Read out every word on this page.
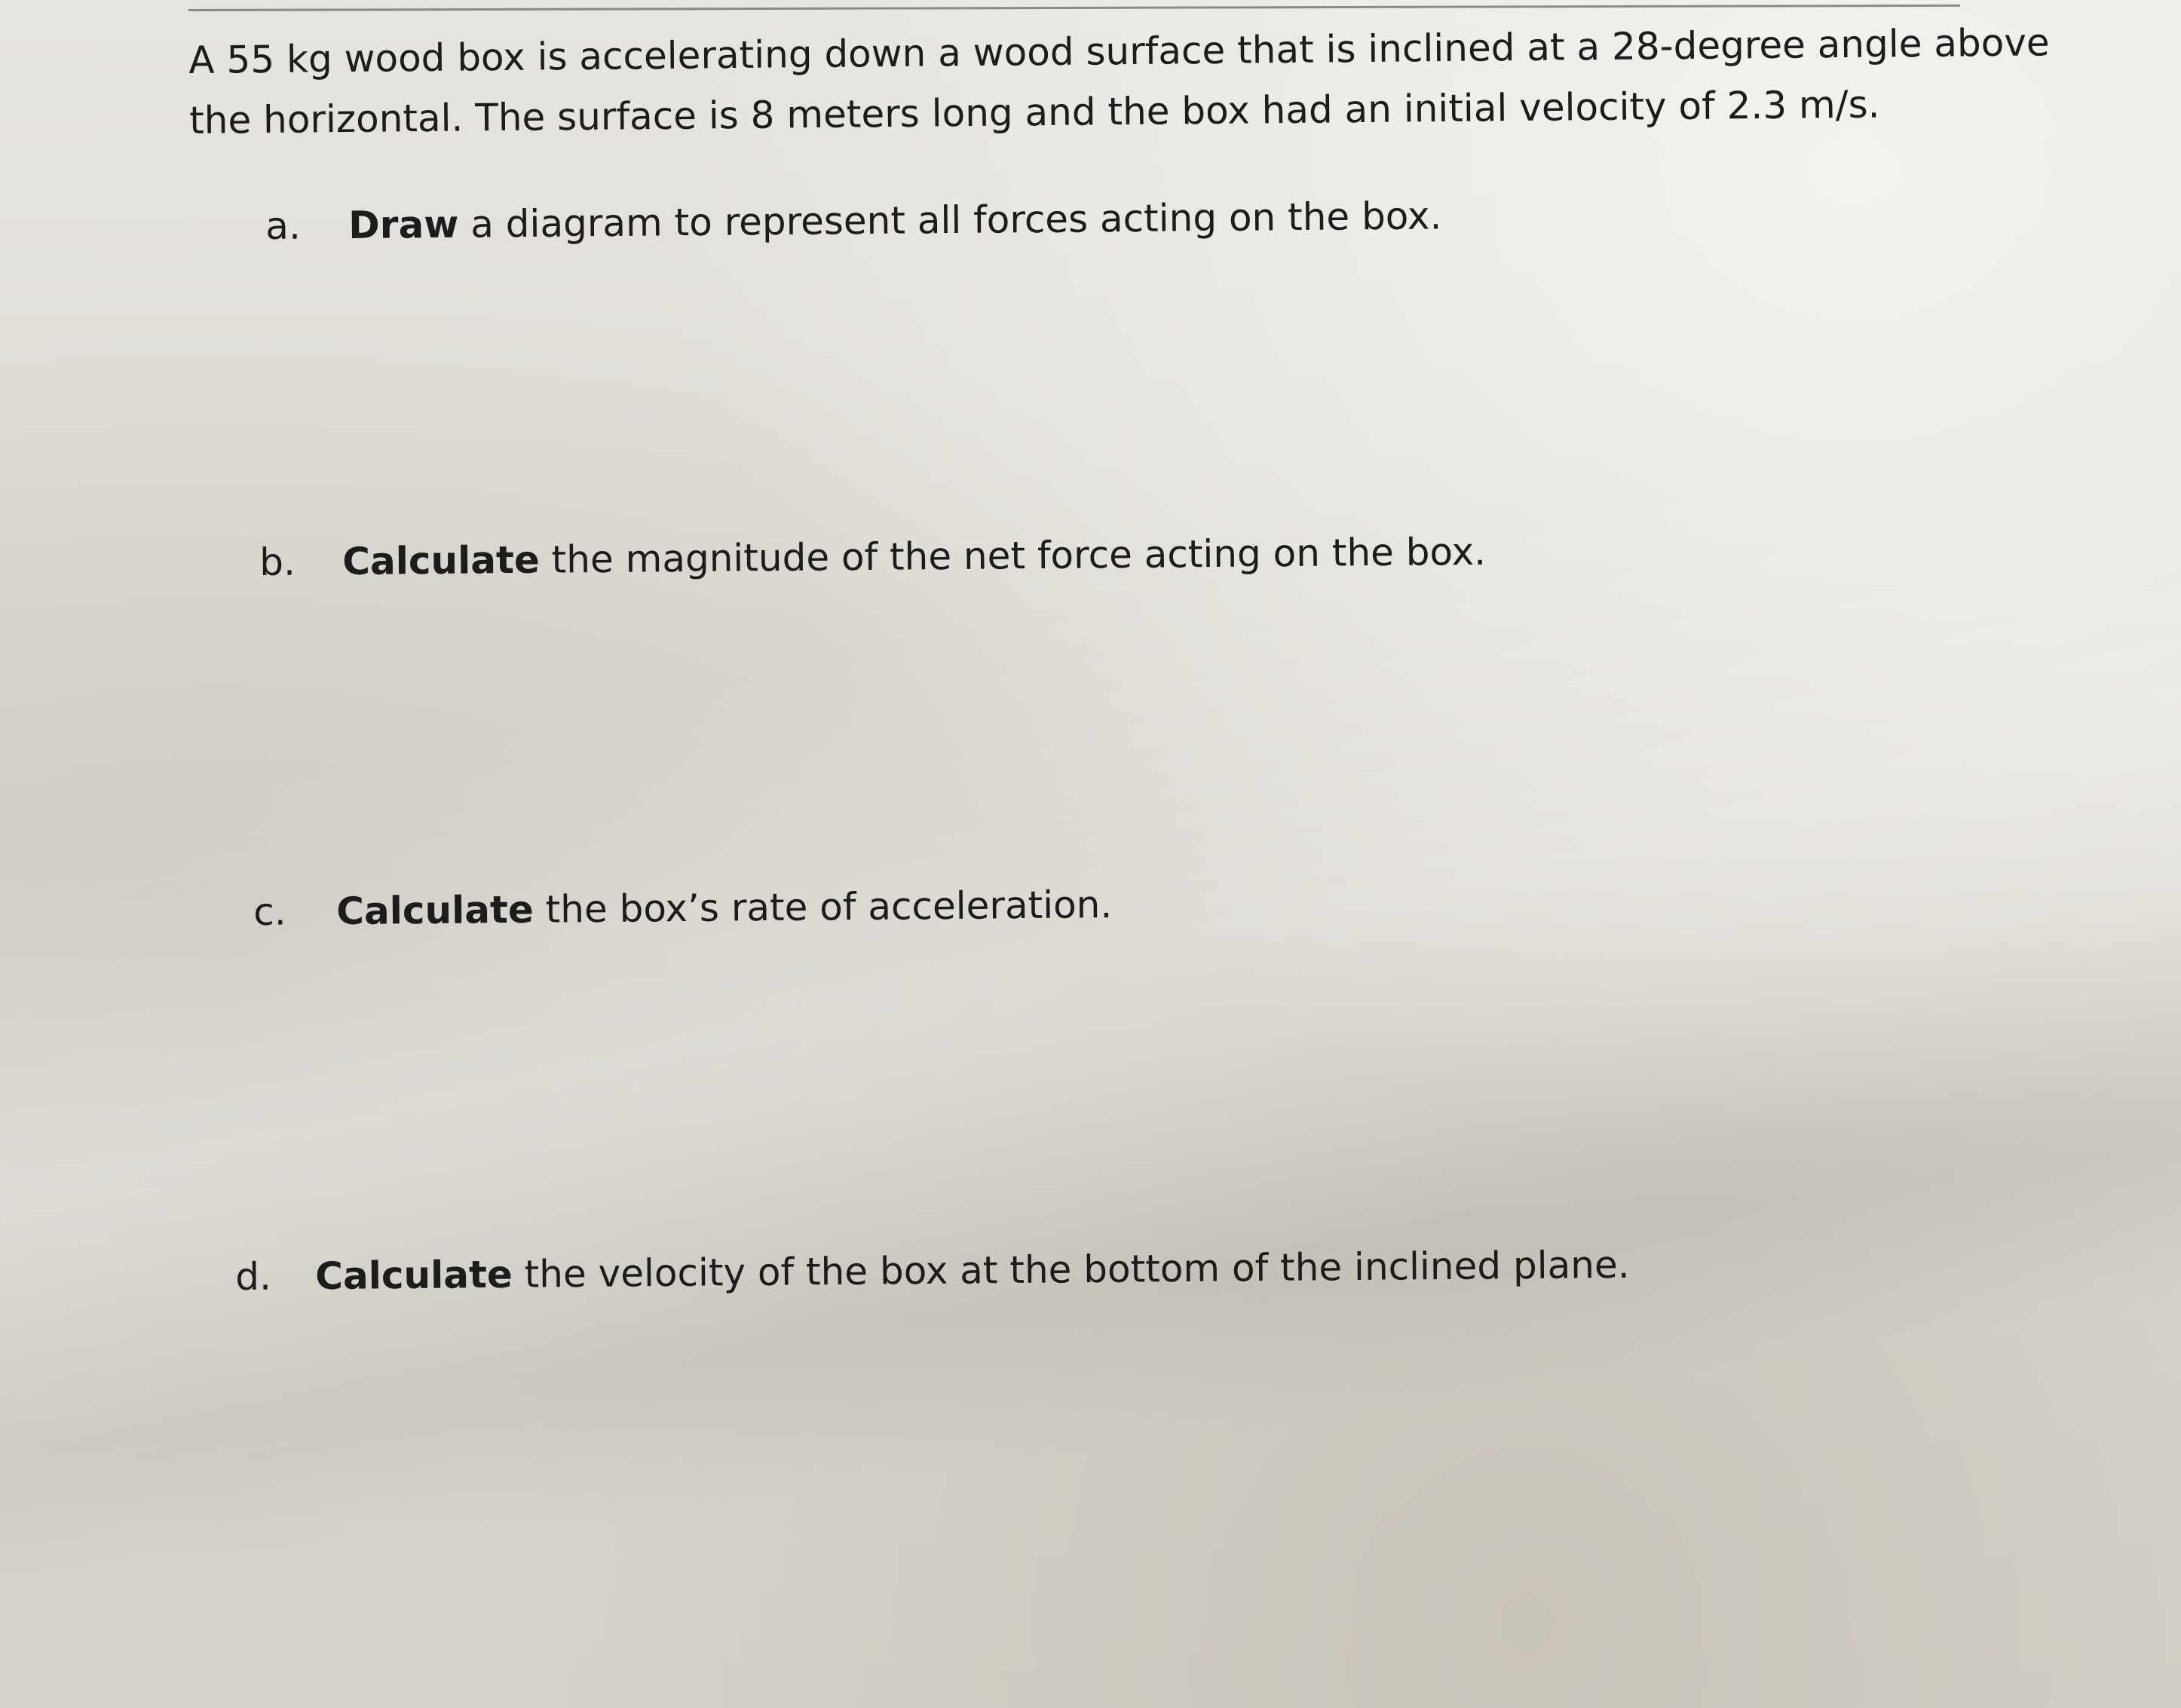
A 55 kg wood box is accelerating down a wood surface that is inclined at a 28-degree angle above the horizontal. The surface is 8 meters long and the box had an initial velocity of 2.3 m/s.

a. Draw a diagram to represent all forces acting on the box.
b. Calculate the magnitude of the net force acting on the box.
c. Calculate the box’s rate of acceleration.
d. Calculate the velocity of the box at the bottom of the inclined plane.
